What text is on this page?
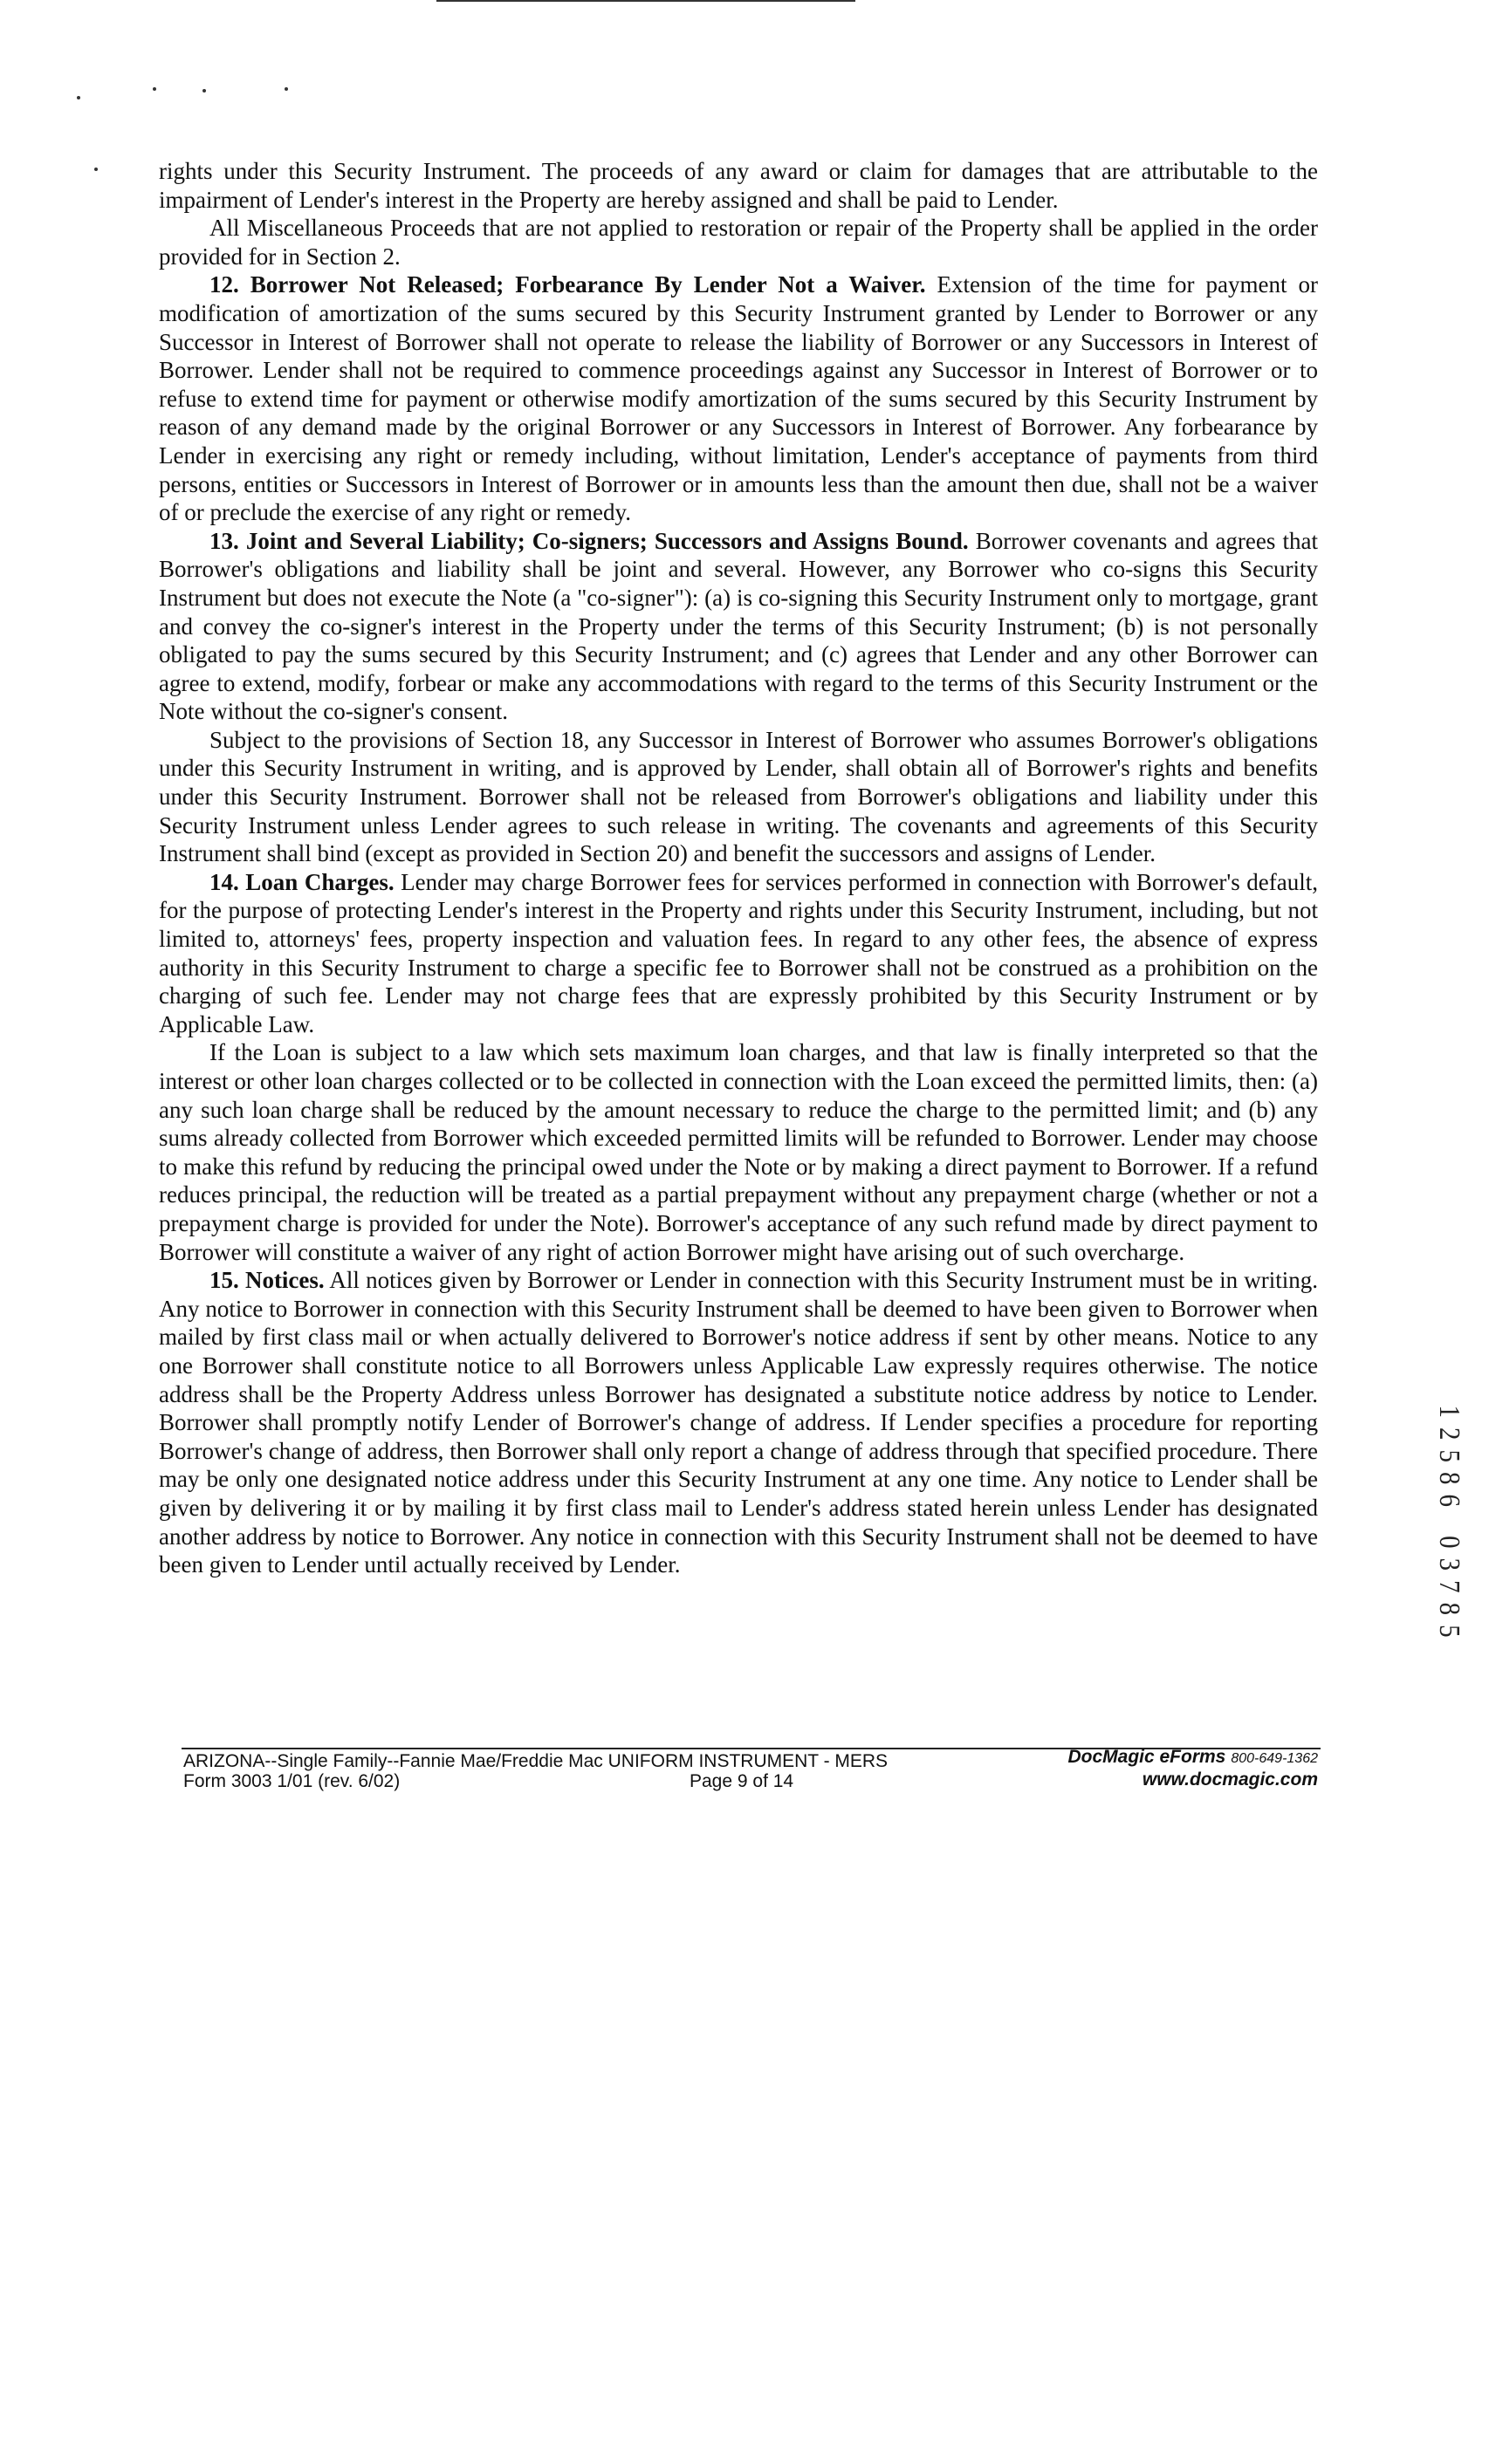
rights under this Security Instrument. The proceeds of any award or claim for damages that are attributable to the impairment of Lender's interest in the Property are hereby assigned and shall be paid to Lender.

All Miscellaneous Proceeds that are not applied to restoration or repair of the Property shall be applied in the order provided for in Section 2.

12. Borrower Not Released; Forbearance By Lender Not a Waiver. Extension of the time for payment or modification of amortization of the sums secured by this Security Instrument granted by Lender to Borrower or any Successor in Interest of Borrower shall not operate to release the liability of Borrower or any Successors in Interest of Borrower. Lender shall not be required to commence proceedings against any Successor in Interest of Borrower or to refuse to extend time for payment or otherwise modify amortization of the sums secured by this Security Instrument by reason of any demand made by the original Borrower or any Successors in Interest of Borrower. Any forbearance by Lender in exercising any right or remedy including, without limitation, Lender's acceptance of payments from third persons, entities or Successors in Interest of Borrower or in amounts less than the amount then due, shall not be a waiver of or preclude the exercise of any right or remedy.

13. Joint and Several Liability; Co-signers; Successors and Assigns Bound. Borrower covenants and agrees that Borrower's obligations and liability shall be joint and several. However, any Borrower who co-signs this Security Instrument but does not execute the Note (a "co-signer"): (a) is co-signing this Security Instrument only to mortgage, grant and convey the co-signer's interest in the Property under the terms of this Security Instrument; (b) is not personally obligated to pay the sums secured by this Security Instrument; and (c) agrees that Lender and any other Borrower can agree to extend, modify, forbear or make any accommodations with regard to the terms of this Security Instrument or the Note without the co-signer's consent.

Subject to the provisions of Section 18, any Successor in Interest of Borrower who assumes Borrower's obligations under this Security Instrument in writing, and is approved by Lender, shall obtain all of Borrower's rights and benefits under this Security Instrument. Borrower shall not be released from Borrower's obligations and liability under this Security Instrument unless Lender agrees to such release in writing. The covenants and agreements of this Security Instrument shall bind (except as provided in Section 20) and benefit the successors and assigns of Lender.

14. Loan Charges. Lender may charge Borrower fees for services performed in connection with Borrower's default, for the purpose of protecting Lender's interest in the Property and rights under this Security Instrument, including, but not limited to, attorneys' fees, property inspection and valuation fees. In regard to any other fees, the absence of express authority in this Security Instrument to charge a specific fee to Borrower shall not be construed as a prohibition on the charging of such fee. Lender may not charge fees that are expressly prohibited by this Security Instrument or by Applicable Law.

If the Loan is subject to a law which sets maximum loan charges, and that law is finally interpreted so that the interest or other loan charges collected or to be collected in connection with the Loan exceed the permitted limits, then: (a) any such loan charge shall be reduced by the amount necessary to reduce the charge to the permitted limit; and (b) any sums already collected from Borrower which exceeded permitted limits will be refunded to Borrower. Lender may choose to make this refund by reducing the principal owed under the Note or by making a direct payment to Borrower. If a refund reduces principal, the reduction will be treated as a partial prepayment without any prepayment charge (whether or not a prepayment charge is provided for under the Note). Borrower's acceptance of any such refund made by direct payment to Borrower will constitute a waiver of any right of action Borrower might have arising out of such overcharge.

15. Notices. All notices given by Borrower or Lender in connection with this Security Instrument must be in writing. Any notice to Borrower in connection with this Security Instrument shall be deemed to have been given to Borrower when mailed by first class mail or when actually delivered to Borrower's notice address if sent by other means. Notice to any one Borrower shall constitute notice to all Borrowers unless Applicable Law expressly requires otherwise. The notice address shall be the Property Address unless Borrower has designated a substitute notice address by notice to Lender. Borrower shall promptly notify Lender of Borrower's change of address. If Lender specifies a procedure for reporting Borrower's change of address, then Borrower shall only report a change of address through that specified procedure. There may be only one designated notice address under this Security Instrument at any one time. Any notice to Lender shall be given by delivering it or by mailing it by first class mail to Lender's address stated herein unless Lender has designated another address by notice to Borrower. Any notice in connection with this Security Instrument shall not be deemed to have been given to Lender until actually received by Lender.

1
2
5
8
6
0
3
7
8
5
ARIZONA--Single Family--Fannie Mae/Freddie Mac UNIFORM INSTRUMENT - MERS
Form 3003 1/01 (rev. 6/02)	Page 9 of 14
DocMagic eForms 800-649-1362
www.docmagic.com
